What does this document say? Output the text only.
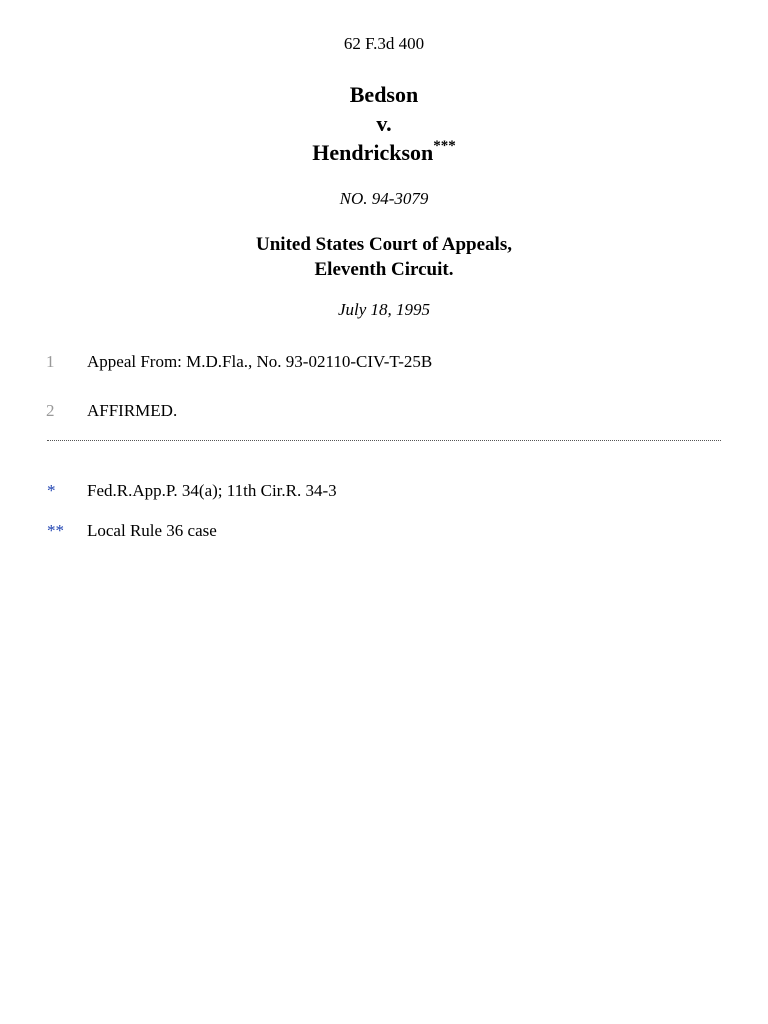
62 F.3d 400
Bedson
v.
Hendrickson***
NO. 94-3079
United States Court of Appeals,
Eleventh Circuit.
July 18, 1995
1 Appeal From: M.D.Fla., No. 93-02110-CIV-T-25B
2 AFFIRMED.
* Fed.R.App.P. 34(a); 11th Cir.R. 34-3
** Local Rule 36 case
